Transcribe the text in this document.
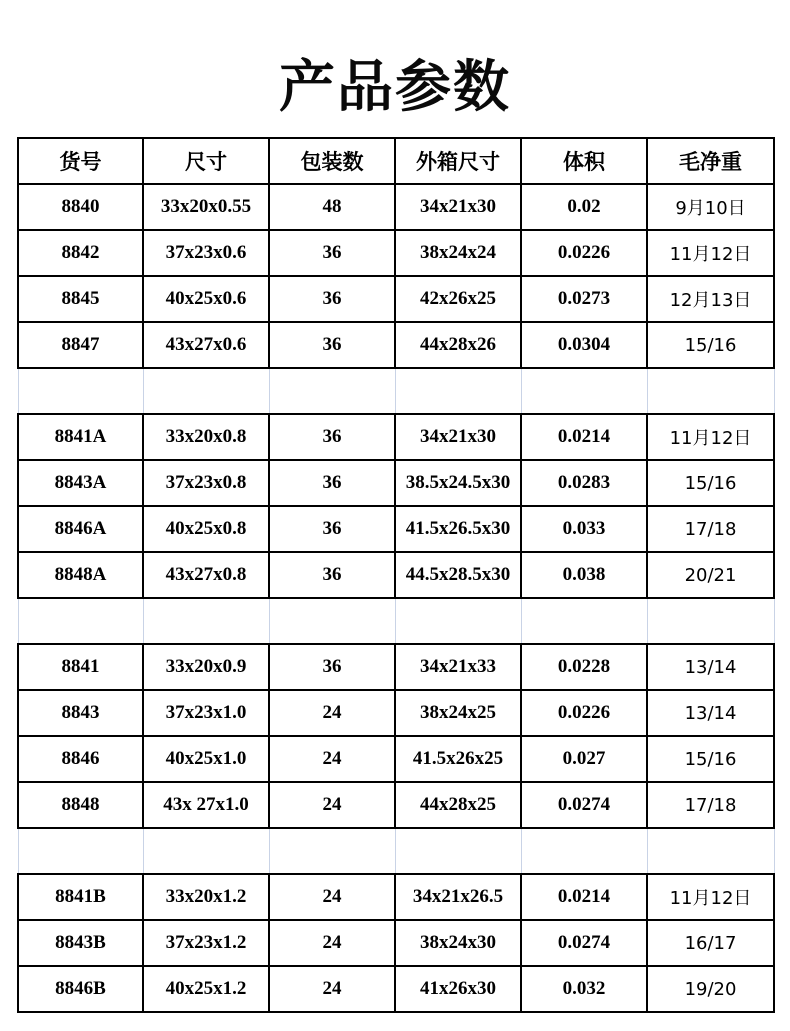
产品参数
货号	尺寸	包装数	外箱尺寸	体积	毛净重
8840	33x20x0.55	48	34x21x30	0.02	9月10日
8842	37x23x0.6	36	38x24x24	0.0226	11月12日
8845	40x25x0.6	36	42x26x25	0.0273	12月13日
8847	43x27x0.6	36	44x28x26	0.0304	15/16

8841A	33x20x0.8	36	34x21x30	0.0214	11月12日
8843A	37x23x0.8	36	38.5x24.5x30	0.0283	15/16
8846A	40x25x0.8	36	41.5x26.5x30	0.033	17/18
8848A	43x27x0.8	36	44.5x28.5x30	0.038	20/21

8841	33x20x0.9	36	34x21x33	0.0228	13/14
8843	37x23x1.0	24	38x24x25	0.0226	13/14
8846	40x25x1.0	24	41.5x26x25	0.027	15/16
8848	43x 27x1.0	24	44x28x25	0.0274	17/18

8841B	33x20x1.2	24	34x21x26.5	0.0214	11月12日
8843B	37x23x1.2	24	38x24x30	0.0274	16/17
8846B	40x25x1.2	24	41x26x30	0.032	19/20
